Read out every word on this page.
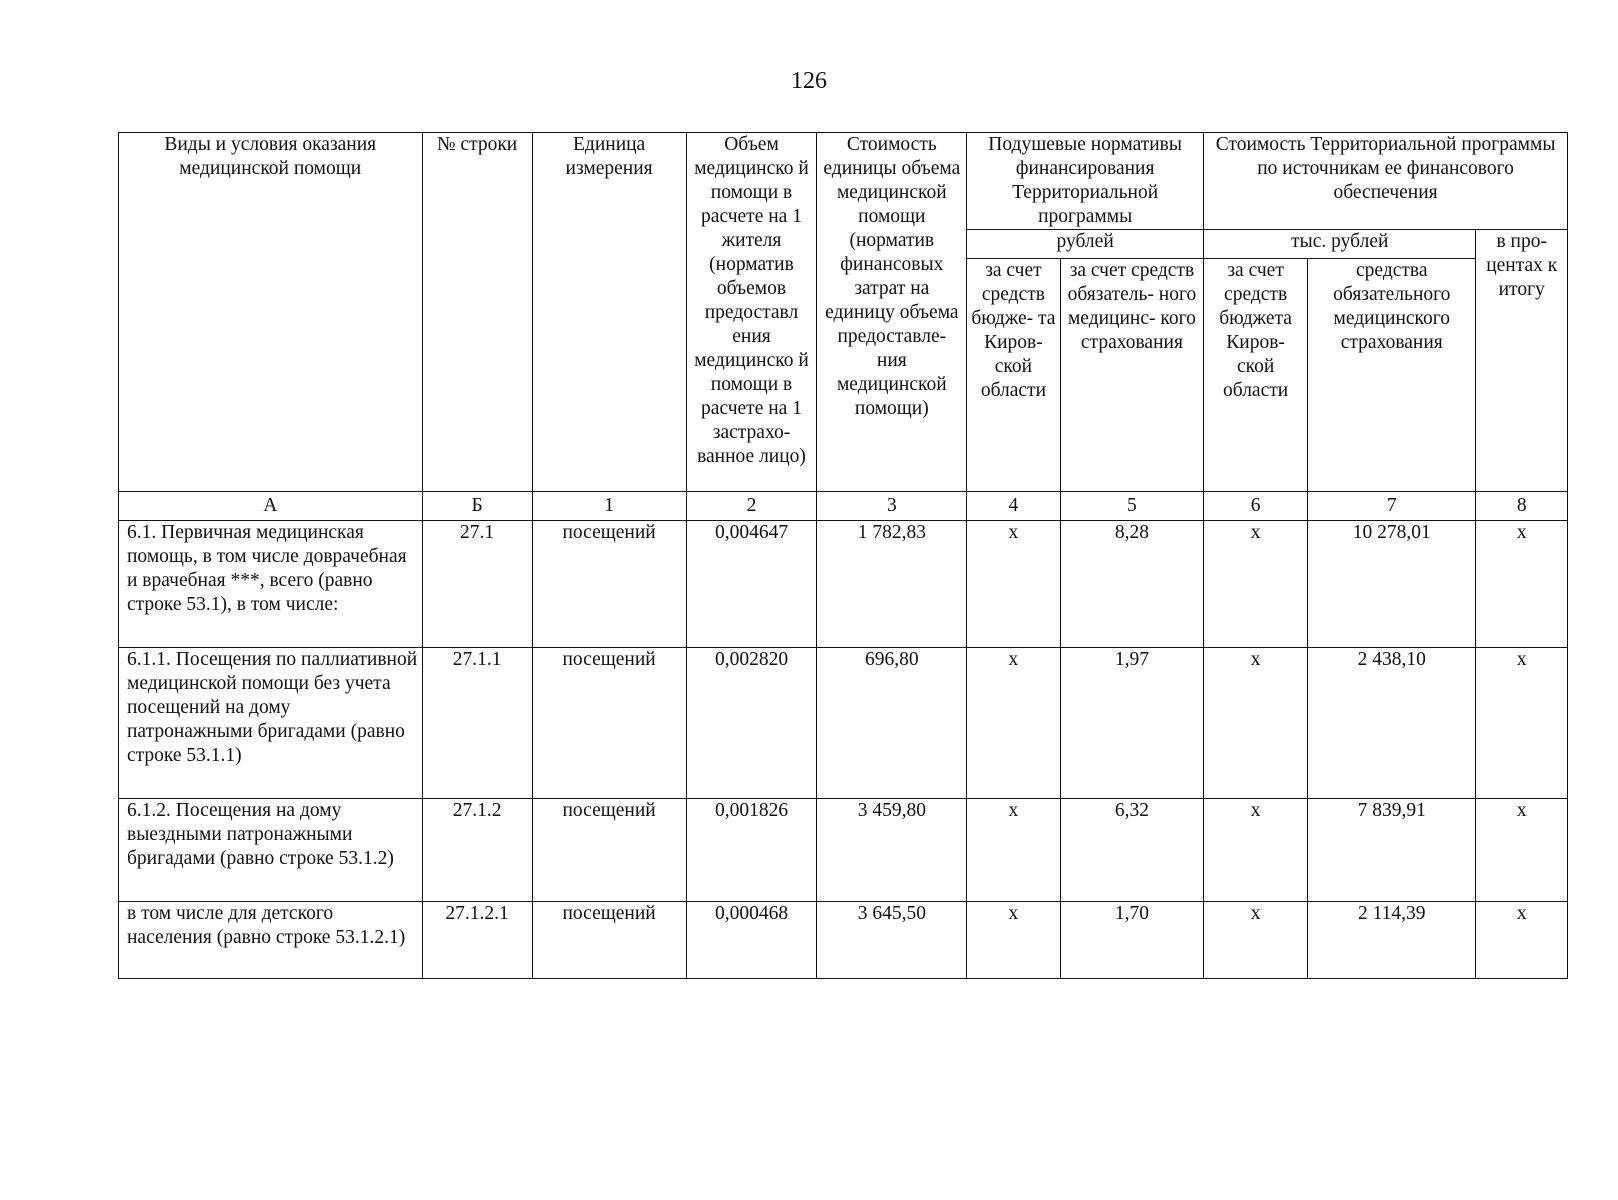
126
Виды и условия оказания медицинской помощи	№ строки	Единица измерения	Объем медицинско й помощи в расчете на 1 жителя (норматив объемов предоставл ения медицинско й помощи в расчете на 1 застрахо- ванное лицо)	Стоимость единицы объема медицинской помощи (норматив финансовых затрат на единицу объема предоставле- ния медицинской помощи)	Подушевые нормативы финансирования Территориальной программы		Стоимость Территориальной программы по источникам ее финансового обеспечения		
					рублей		тыс. рублей		в про- центах к итогу
					за счет средств бюдже- та Киров- ской области	за счет средств обязатель- ного медицинс- кого страхования	за счет средств бюджета Киров- ской области	средства обязательного медицинского страхования	
А	Б	1	2	3	4	5	6	7	8
6.1. Первичная медицинская помощь, в том числе доврачебная и врачебная ***, всего (равно строке 53.1), в том числе:	27.1	посещений	0,004647	1 782,83	х	8,28	х	10 278,01	х
6.1.1. Посещения по паллиативной медицинской помощи без учета посещений на дому патронажными бригадами (равно строке 53.1.1)	27.1.1	посещений	0,002820	696,80	х	1,97	х	2 438,10	х
6.1.2. Посещения на дому выездными патронажными бригадами (равно строке 53.1.2)	27.1.2	посещений	0,001826	3 459,80	х	6,32	х	7 839,91	х
в том числе для детского населения (равно строке 53.1.2.1)	27.1.2.1	посещений	0,000468	3 645,50	х	1,70	х	2 114,39	х
